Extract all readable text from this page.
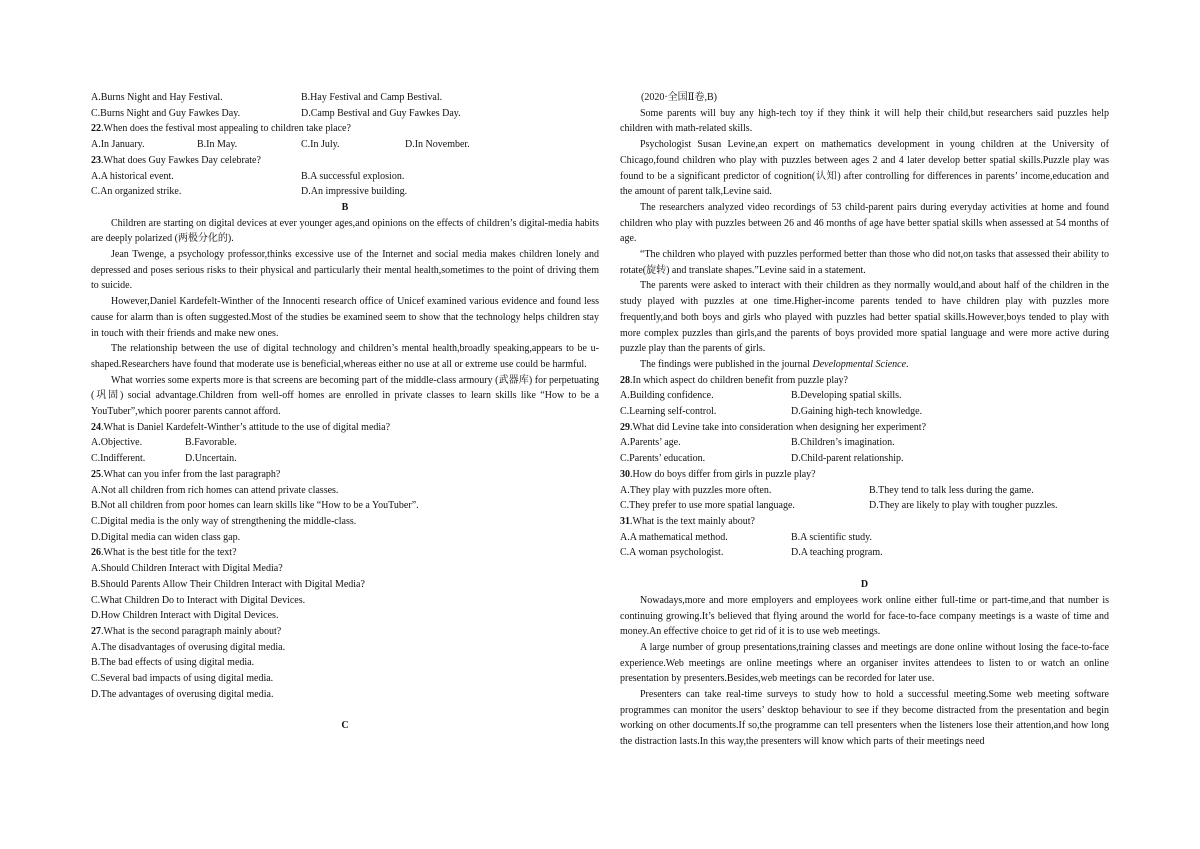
A.Burns Night and Hay Festival.	B.Hay Festival and Camp Bestival.
C.Burns Night and Guy Fawkes Day.	D.Camp Bestival and Guy Fawkes Day.

22.When does the festival most appealing to children take place?

A.In January.	B.In May.	C.In July.	D.In November.

23.What does Guy Fawkes Day celebrate?

A.A historical event.	B.A successful explosion.
C.An organized strike.	D.An impressive building.

B

Children are starting on digital devices at ever younger ages,and opinions on the effects of children’s digital-media habits are deeply polarized (两极分化的).

Jean Twenge, a psychology professor,thinks excessive use of the Internet and social media makes children lonely and depressed and poses serious risks to their physical and particularly their mental health,sometimes to the point of driving them to suicide.

However,Daniel Kardefelt-Winther of the Innocenti research office of Unicef examined various evidence and found less cause for alarm than is often suggested.Most of the studies be examined seem to show that the technology helps children stay in touch with their friends and make new ones.

The relationship between the use of digital technology and children’s mental health,broadly speaking,appears to be u-shaped.Researchers have found that moderate use is beneficial,whereas either no use at all or extreme use could be harmful.

What worries some experts more is that screens are becoming part of the middle-class armoury (武器库) for perpetuating (巩固) social advantage.Children from well-off homes are enrolled in private classes to learn skills like “How to be a YouTuber”,which poorer parents cannot afford.

24.What is Daniel Kardefelt-Winther’s attitude to the use of digital media?

A.Objective.	B.Favorable.
C.Indifferent.	D.Uncertain.

25.What can you infer from the last paragraph?

A.Not all children from rich homes can attend private classes.
B.Not all children from poor homes can learn skills like “How to be a YouTuber”.
C.Digital media is the only way of strengthening the middle-class.
D.Digital media can widen class gap.

26.What is the best title for the text?

A.Should Children Interact with Digital Media?
B.Should Parents Allow Their Children Interact with Digital Media?
C.What Children Do to Interact with Digital Devices.
D.How Children Interact with Digital Devices.

27.What is the second paragraph mainly about?

A.The disadvantages of overusing digital media.
B.The bad effects of using digital media.
C.Several bad impacts of using digital media.
D.The advantages of overusing digital media.

C

(2020·全国Ⅱ卷,B)

Some parents will buy any high-tech toy if they think it will help their child,but researchers said puzzles help children with math-related skills.

Psychologist Susan Levine,an expert on mathematics development in young children at the University of Chicago,found children who play with puzzles between ages 2 and 4 later develop better spatial skills.Puzzle play was found to be a significant predictor of cognition(认知) after controlling for differences in parents’ income,education and the amount of parent talk,Levine said.

The researchers analyzed video recordings of 53 child-parent pairs during everyday activities at home and found children who play with puzzles between 26 and 46 months of age have better spatial skills when assessed at 54 months of age.

“The children who played with puzzles performed better than those who did not,on tasks that assessed their ability to rotate(旋转) and translate shapes.”Levine said in a statement.

The parents were asked to interact with their children as they normally would,and about half of the children in the study played with puzzles at one time.Higher-income parents tended to have children play with puzzles more frequently,and both boys and girls who played with puzzles had better spatial skills.However,boys tended to play with more complex puzzles than girls,and the parents of boys provided more spatial language and were more active during puzzle play than the parents of girls.

The findings were published in the journal Developmental Science.

28.In which aspect do children benefit from puzzle play?

A.Building confidence.	B.Developing spatial skills.
C.Learning self-control.	D.Gaining high-tech knowledge.

29.What did Levine take into consideration when designing her experiment?

A.Parents’ age.	B.Children’s imagination.
C.Parents’ education.	D.Child-parent relationship.

30.How do boys differ from girls in puzzle play?

A.They play with puzzles more often.	B.They tend to talk less during the game.
C.They prefer to use more spatial language.	D.They are likely to play with tougher puzzles.

31.What is the text mainly about?

A.A mathematical method.	B.A scientific study.
C.A woman psychologist.	D.A teaching program.

D

Nowadays,more and more employers and employees work online either full-time or part-time,and that number is continuing growing.It’s believed that flying around the world for face-to-face company meetings is a waste of time and money.An effective choice to get rid of it is to use web meetings.

A large number of group presentations,training classes and meetings are done online without losing the face-to-face experience.Web meetings are online meetings where an organiser invites attendees to listen to or watch an online presentation by presenters.Besides,web meetings can be recorded for later use.

Presenters can take real-time surveys to study how to hold a successful meeting.Some web meeting software programmes can monitor the users’ desktop behaviour to see if they become distracted from the presentation and begin working on other documents.If so,the programme can tell presenters when the listeners lose their attention,and how long the distraction lasts.In this way,the presenters will know which parts of their meetings need
